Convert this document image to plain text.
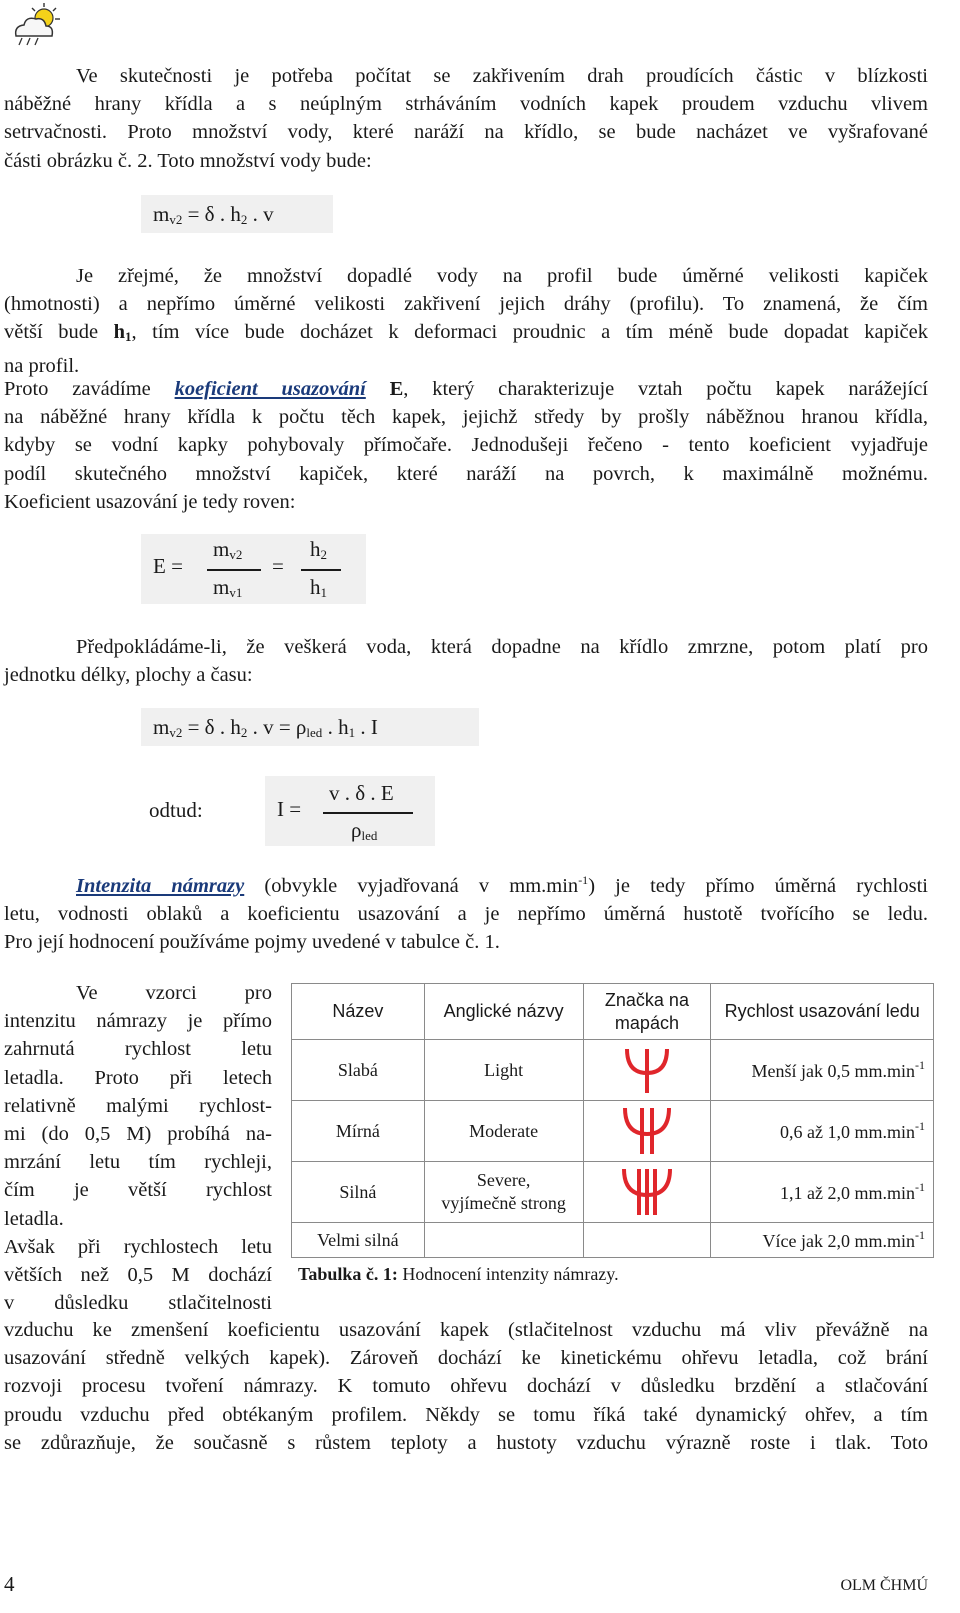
Ve skutečnosti je potřeba počítat se zakřivením drah proudících částic v blízkosti
náběžné hrany křídla a s neúplným strháváním vodních kapek proudem vzduchu vlivem
setrvačnosti. Proto množství vody, které naráží na křídlo, se bude nacházet ve vyšrafované
části obrázku č. 2. Toto množství vody bude:
$m_{v2} = \delta$ . $h_2$ . v
Je zřejmé, že množství dopadlé vody na profil bude úměrné velikosti kapiček
(hmotnosti) a nepřímo úměrné velikosti zakřivení jejich dráhy (profilu). To znamená, že čím
větší bude $h_1$, tím více bude docházet k deformaci proudnic a tím méně bude dopadat kapiček
na profil.
Proto zavádíme koeficient usazování E, který charakterizuje vztah počtu kapek narážející
na náběžné hrany křídla k počtu těch kapek, jejichž středy by prošly náběžnou hranou křídla,
kdyby se vodní kapky pohybovaly přímočaře. Jednodušeji řečeno - tento koeficient vyjadřuje
podíl skutečného množství kapiček, které naráží na povrch, k maximálně možnému.
Koeficient usazování je tedy roven:
E =
$m_{v2}$
$m_{v1}$
=
$h_2$
$h_1$
Předpokládáme-li, že veškerá voda, která dopadne na křídlo zmrzne, potom platí pro
jednotku délky, plochy a času:
$m_{v2} = \delta$ . $h_2$ . $v = \rho_{led}$ . $h_1$ . I
odtud:	I =
v . δ . E
$\rho_{led}$
Intenzita námrazy (obvykle vyjadřovaná v $mm.\min^{-1}$) je tedy přímo úměrná rychlosti
letu, vodnosti oblaků a koeficientu usazování a je nepřímo úměrná hustotě tvořícího se ledu.
Pro její hodnocení používáme pojmy uvedené v tabulce č. 1.
Ve vzorci pro
intenzitu námrazy je přímo
zahrnutá rychlost letu
letadla. Proto při letech
relativně malými rychlost-
mi (do 0,5 M) probíhá na-
mrzání letu tím rychleji,
čím je větší rychlost
letadla.
Avšak při rychlostech letu
větších než 0,5 M dochází
v důsledku stlačitelnosti
Název	Anglické názvy	Značka na mapách	Rychlost usazování ledu
Slabá	Light		Menší jak 0,5 $mm.\min^{-1}$
Mírná	Moderate		0,6 až 1,0 $mm.\min^{-1}$
Silná	Severe,
vyjímečně strong		1,1 až 2,0 $mm.\min^{-1}$
Velmi silná			Více jak 2,0 $mm.\min^{-1}$
Tabulka č. 1: Hodnocení intenzity námrazy.
vzduchu ke zmenšení koeficientu usazování kapek (stlačitelnost vzduchu má vliv převážně na
usazování středně velkých kapek). Zároveň dochází ke kinetickému ohřevu letadla, což brání
rozvoji procesu tvoření námrazy. K tomuto ohřevu dochází v důsledku brzdění a stlačování
proudu vzduchu před obtékaným profilem. Někdy se tomu říká také dynamický ohřev, a tím
se zdůrazňuje, že současně s růstem teploty a hustoty vzduchu výrazně roste i tlak. Toto
4	OLM ČHMÚ
